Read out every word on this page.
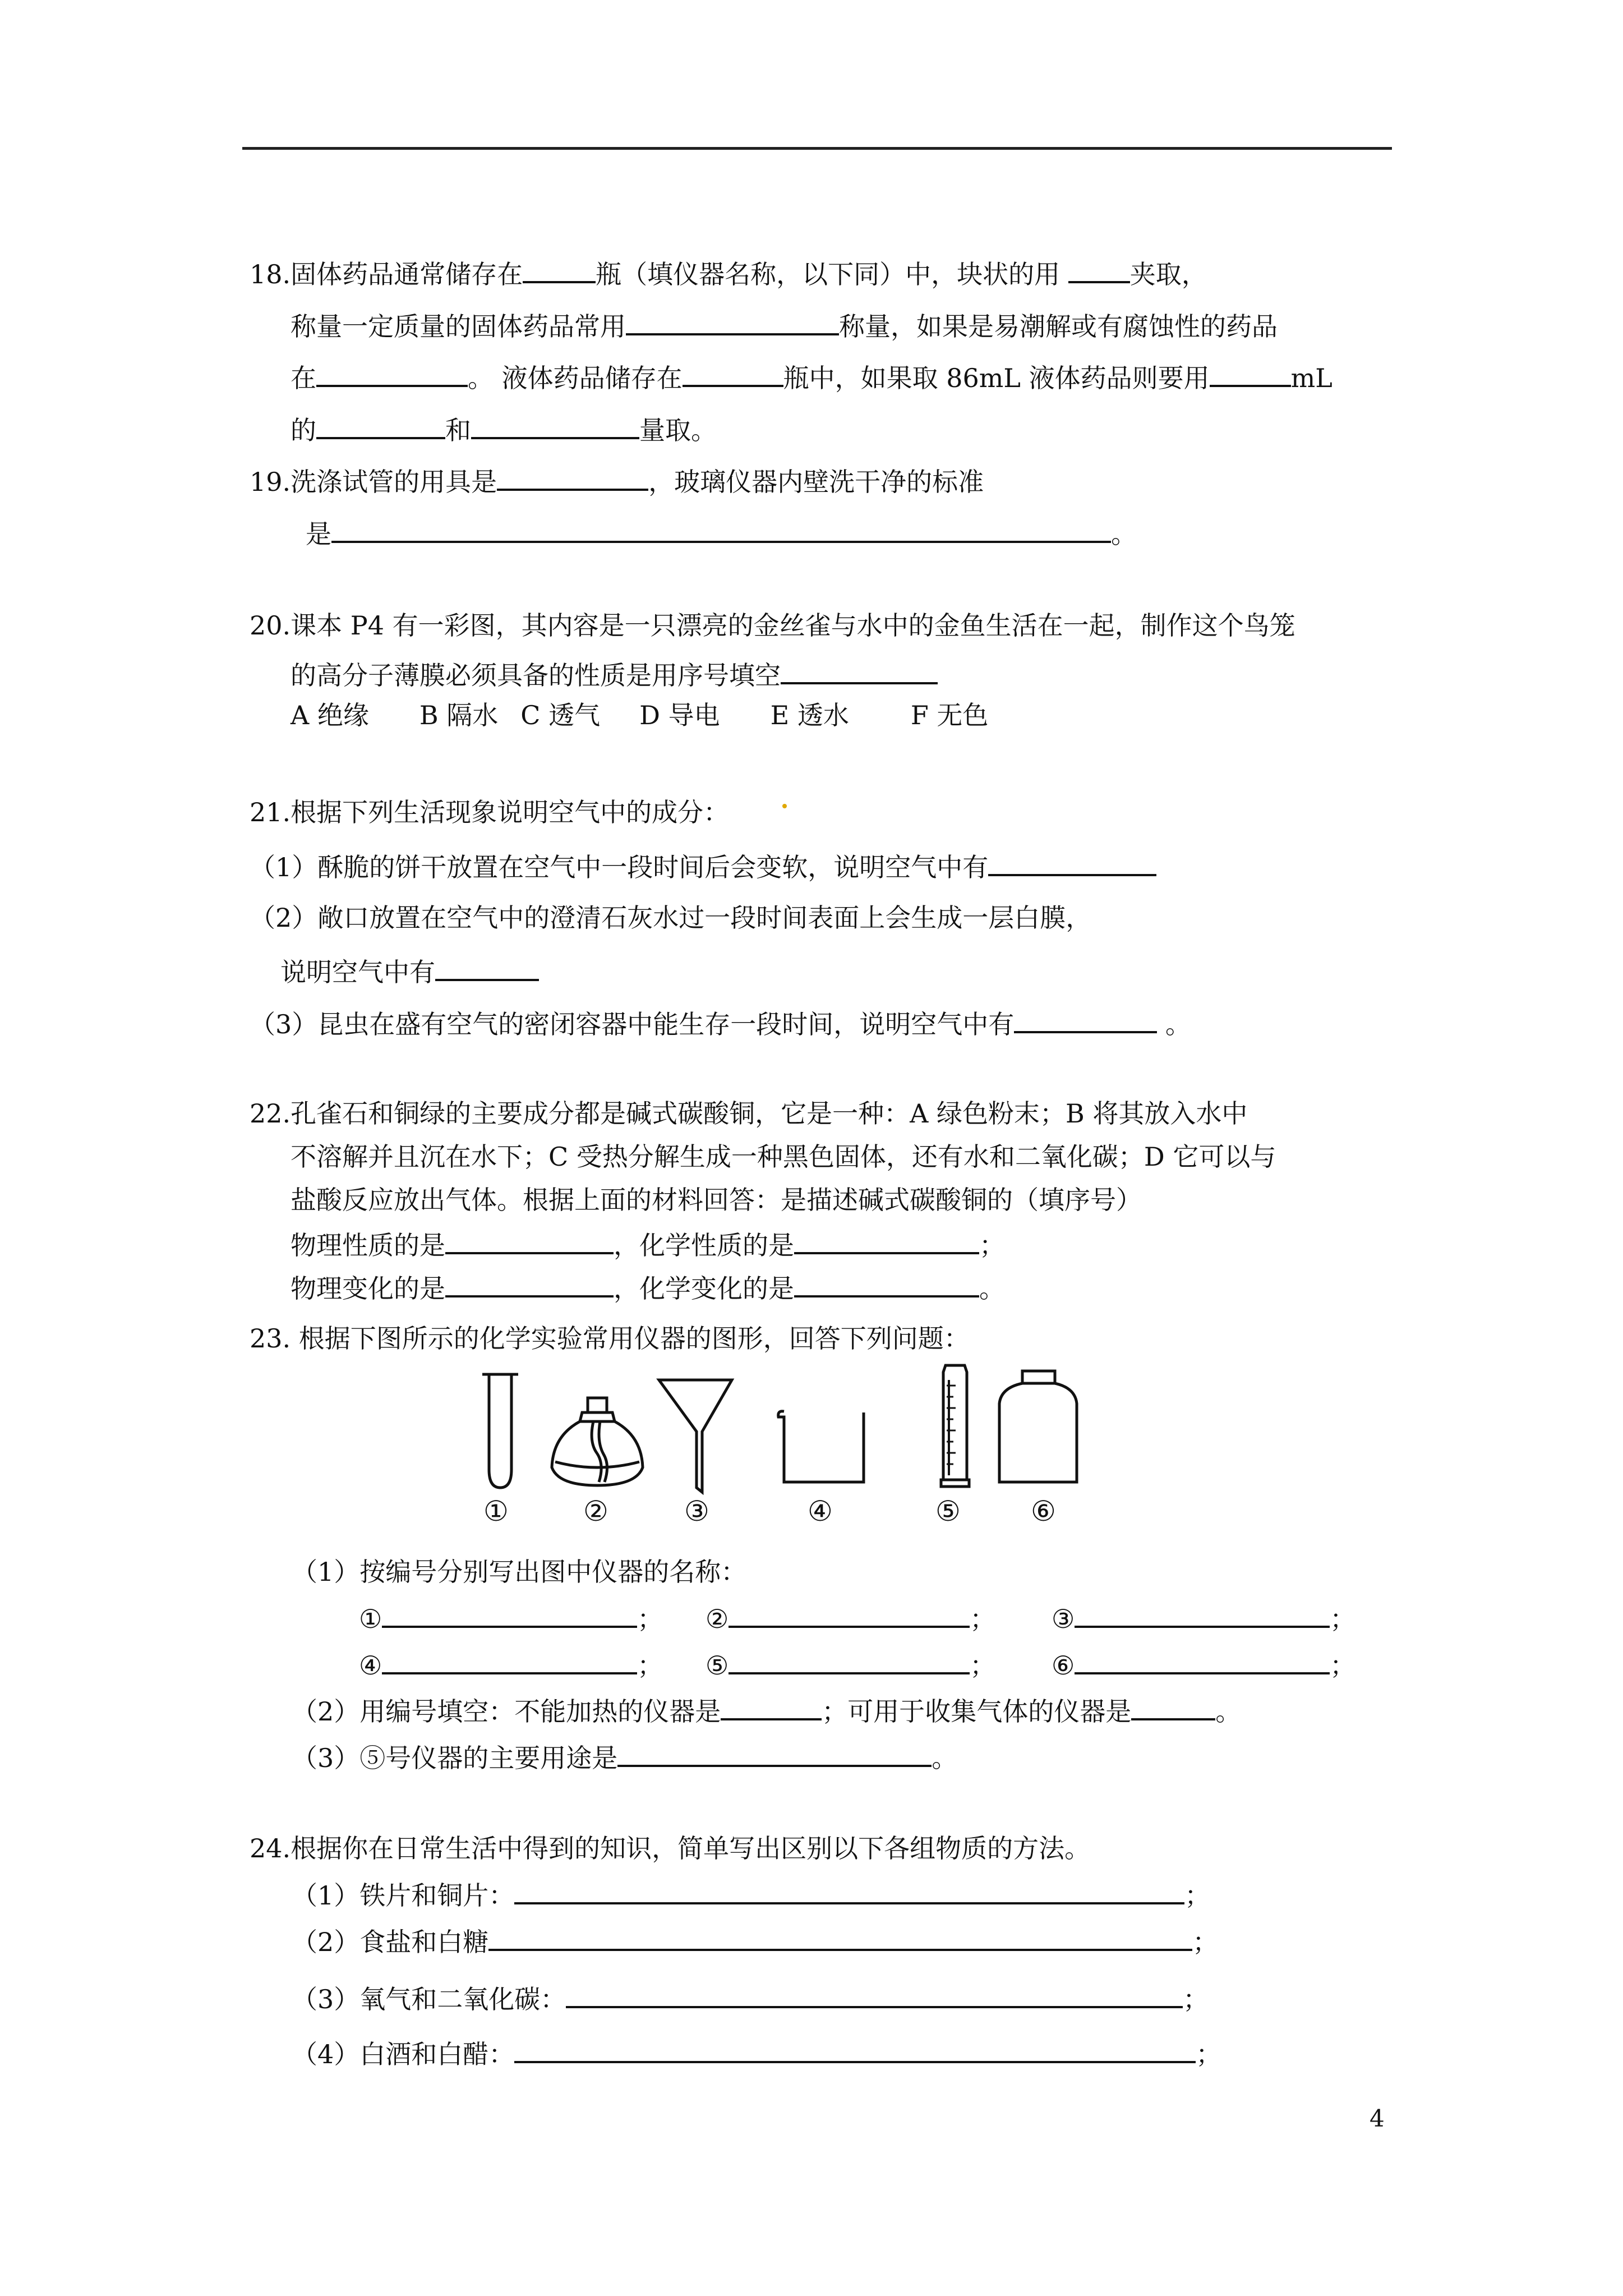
18.固体药品通常储存在	瓶（填仪器名称，以下同）中，块状的用 夹取，
称量一定质量的固体药品常用	称量，如果是易潮解或有腐蚀性的药品
在	。 液体药品储存在	瓶中，如果取 86mL 液体药品则要用	mL
的	和	量取。
19.洗涤试管的用具是	，玻璃仪器内壁洗干净的标准
是	。
20.课本 P4 有一彩图，其内容是一只漂亮的金丝雀与水中的金鱼生活在一起，制作这个鸟笼
的高分子薄膜必须具备的性质是用序号填空
A 绝缘 B 隔水 C 透气 D 导电 E 透水 F 无色
21.根据下列生活现象说明空气中的成分：
（1）酥脆的饼干放置在空气中一段时间后会变软，说明空气中有
（2）敞口放置在空气中的澄清石灰水过一段时间表面上会生成一层白膜，
说明空气中有
（3）昆虫在盛有空气的密闭容器中能生存一段时间，说明空气中有	。
22.孔雀石和铜绿的主要成分都是碱式碳酸铜，它是一种：A 绿色粉末；B 将其放入水中
不溶解并且沉在水下；C 受热分解生成一种黑色固体，还有水和二氧化碳；D 它可以与
盐酸反应放出气体。根据上面的材料回答：是描述碱式碳酸铜的（填序号）
物理性质的是	，化学性质的是	；
物理变化的是	，化学变化的是	。
23. 根据下图所示的化学实验常用仪器的图形，回答下列问题：
①	②	③	④	⑤	⑥
（1）按编号分别写出图中仪器的名称：
①	； ②	； ③	；
④	； ⑤	； ⑥	；
（2）用编号填空：不能加热的仪器是	；可用于收集气体的仪器是	。
（3）⑤号仪器的主要用途是	。
24.根据你在日常生活中得到的知识，简单写出区别以下各组物质的方法。
（1）铁片和铜片：	；
（2）食盐和白糖	；
（3）氧气和二氧化碳：	；
（4）白酒和白醋：	；
4
